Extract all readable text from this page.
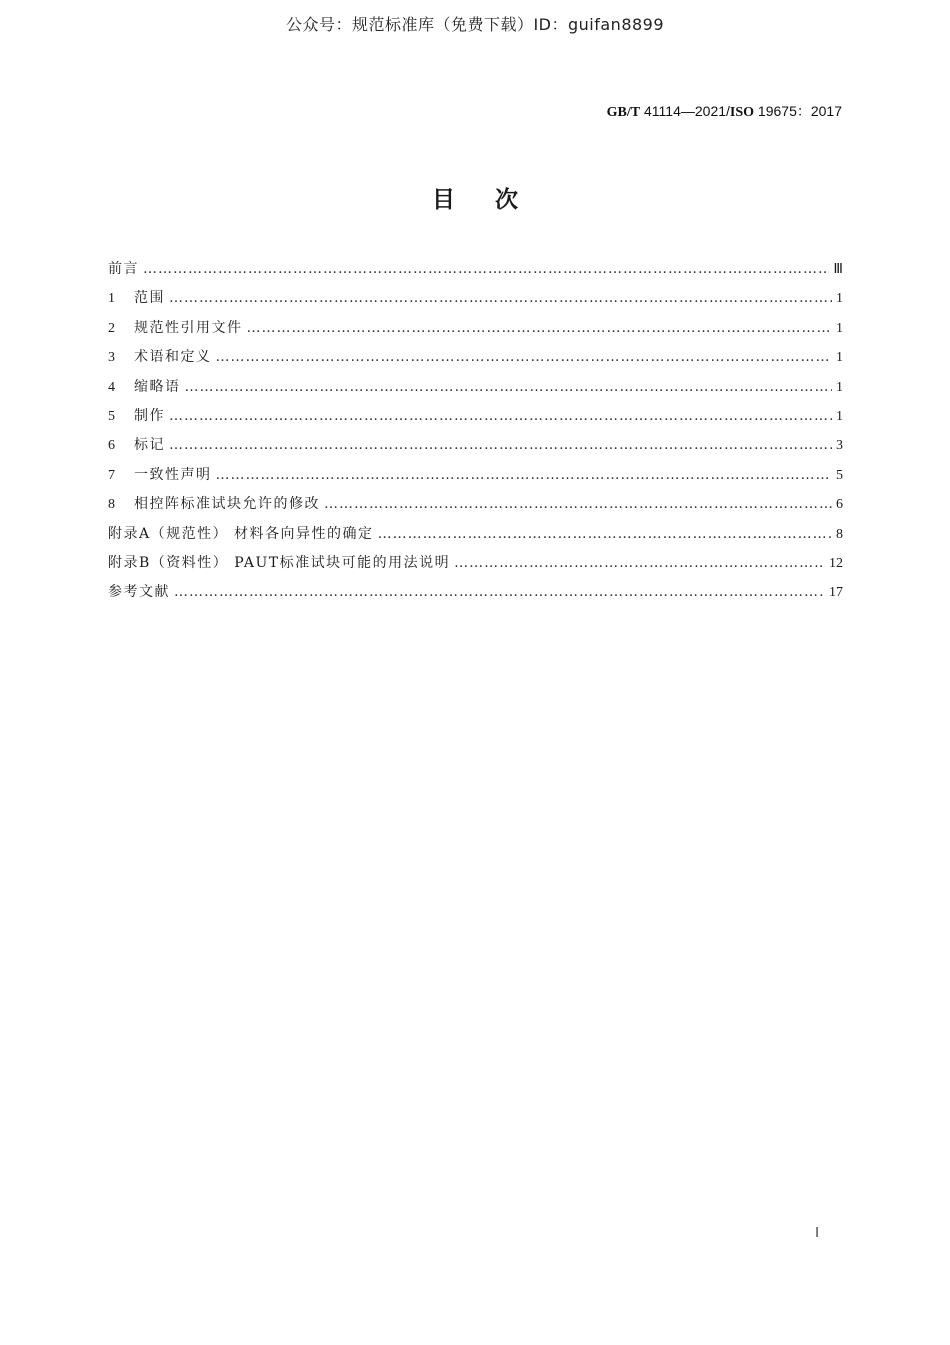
公众号：规范标准库（免费下载）ID：guifan8899
GB/T 41114—2021/ISO 19675：2017
目次
前言 …………………………………………………………………………………………………………………………………………………………………………………………………………	Ⅲ
1	范围 …………………………………………………………………………………………………………………………………………………………………………………………………………	1
2	规范性引用文件 …………………………………………………………………………………………………………………………………………………………………………………………………………	1
3	术语和定义 …………………………………………………………………………………………………………………………………………………………………………………………………………	1
4	缩略语 …………………………………………………………………………………………………………………………………………………………………………………………………………	1
5	制作 …………………………………………………………………………………………………………………………………………………………………………………………………………	1
6	标记 …………………………………………………………………………………………………………………………………………………………………………………………………………	3
7	一致性声明 …………………………………………………………………………………………………………………………………………………………………………………………………………	5
8	相控阵标准试块允许的修改 …………………………………………………………………………………………………………………………………………………………………………………………………………	6
附录A（规范性） 材料各向异性的确定 …………………………………………………………………………………………………………………………………………………………………………………………………………	8
附录B（资料性） PAUT标准试块可能的用法说明 …………………………………………………………………………………………………………………………………………………………………………………………………………	12
参考文献 …………………………………………………………………………………………………………………………………………………………………………………………………………	17
Ⅰ
